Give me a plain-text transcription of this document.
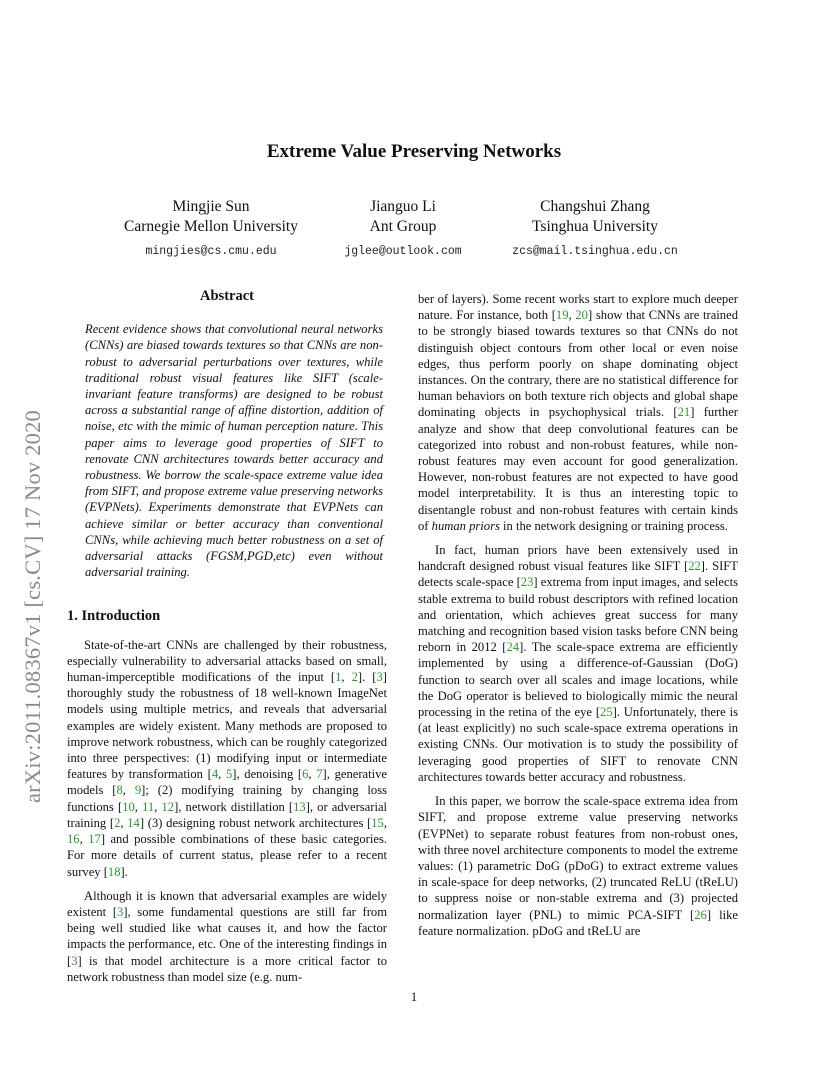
Extreme Value Preserving Networks
Mingjie Sun
Carnegie Mellon University
mingjies@cs.cmu.edu
Jianguo Li
Ant Group
jglee@outlook.com
Changshui Zhang
Tsinghua University
zcs@mail.tsinghua.edu.cn
arXiv:2011.08367v1 [cs.CV] 17 Nov 2020
Abstract

Recent evidence shows that convolutional neural networks (CNNs) are biased towards textures so that CNNs are non-robust to adversarial perturbations over textures, while traditional robust visual features like SIFT (scale-invariant feature transforms) are designed to be robust across a substantial range of affine distortion, addition of noise, etc with the mimic of human perception nature. This paper aims to leverage good properties of SIFT to renovate CNN architectures towards better accuracy and robustness. We borrow the scale-space extreme value idea from SIFT, and propose extreme value preserving networks (EVPNets). Experiments demonstrate that EVPNets can achieve similar or better accuracy than conventional CNNs, while achieving much better robustness on a set of adversarial attacks (FGSM,PGD,etc) even without adversarial training.

1. Introduction

State-of-the-art CNNs are challenged by their robustness, especially vulnerability to adversarial attacks based on small, human-imperceptible modifications of the input [1, 2]. [3] thoroughly study the robustness of 18 well-known ImageNet models using multiple metrics, and reveals that adversarial examples are widely existent. Many methods are proposed to improve network robustness, which can be roughly categorized into three perspectives: (1) modifying input or intermediate features by transformation [4, 5], denoising [6, 7], generative models [8, 9]; (2) modifying training by changing loss functions [10, 11, 12], network distillation [13], or adversarial training [2, 14] (3) designing robust network architectures [15, 16, 17] and possible combinations of these basic categories. For more details of current status, please refer to a recent survey [18].

Although it is known that adversarial examples are widely existent [3], some fundamental questions are still far from being well studied like what causes it, and how the factor impacts the performance, etc. One of the interesting findings in [3] is that model architecture is a more critical factor to network robustness than model size (e.g. num-

ber of layers). Some recent works start to explore much deeper nature. For instance, both [19, 20] show that CNNs are trained to be strongly biased towards textures so that CNNs do not distinguish object contours from other local or even noise edges, thus perform poorly on shape dominating object instances. On the contrary, there are no statistical difference for human behaviors on both texture rich objects and global shape dominating objects in psychophysical trials. [21] further analyze and show that deep convolutional features can be categorized into robust and non-robust features, while non-robust features may even account for good generalization. However, non-robust features are not expected to have good model interpretability. It is thus an interesting topic to disentangle robust and non-robust features with certain kinds of human priors in the network designing or training process.

In fact, human priors have been extensively used in handcraft designed robust visual features like SIFT [22]. SIFT detects scale-space [23] extrema from input images, and selects stable extrema to build robust descriptors with refined location and orientation, which achieves great success for many matching and recognition based vision tasks before CNN being reborn in 2012 [24]. The scale-space extrema are efficiently implemented by using a difference-of-Gaussian (DoG) function to search over all scales and image locations, while the DoG operator is believed to biologically mimic the neural processing in the retina of the eye [25]. Unfortunately, there is (at least explicitly) no such scale-space extrema operations in existing CNNs. Our motivation is to study the possibility of leveraging good properties of SIFT to renovate CNN architectures towards better accuracy and robustness.

In this paper, we borrow the scale-space extrema idea from SIFT, and propose extreme value preserving networks (EVPNet) to separate robust features from non-robust ones, with three novel architecture components to model the extreme values: (1) parametric DoG (pDoG) to extract extreme values in scale-space for deep networks, (2) truncated ReLU (tReLU) to suppress noise or non-stable extrema and (3) projected normalization layer (PNL) to mimic PCA-SIFT [26] like feature normalization. pDoG and tReLU are

1
